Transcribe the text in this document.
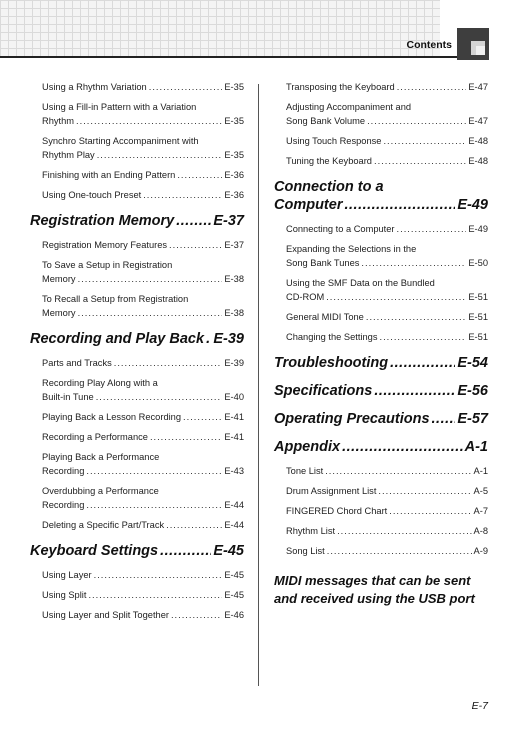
Contents
Using a Rhythm Variation .....	E-35
Using a Fill-in Pattern with a Variation
Rhythm .....	E-35
Synchro Starting Accompaniment with
Rhythm Play .....	E-35
Finishing with an Ending Pattern .....	E-36
Using One-touch Preset .....	E-36
Registration Memory .....	E-37
Registration Memory Features .....	E-37
To Save a Setup in Registration
Memory .....	E-38
To Recall a Setup from Registration
Memory .....	E-38
Recording and Play Back ..... E-39
Parts and Tracks .....	E-39
Recording Play Along with a
Built-in Tune .....	E-40
Playing Back a Lesson Recording .....	E-41
Recording a Performance .....	E-41
Playing Back a Performance
Recording .....	E-43
Overdubbing a Performance
Recording .....	E-44
Deleting a Specific Part/Track .....	E-44
Keyboard Settings .....	E-45
Using Layer .....	E-45
Using Split .....	E-45
Using Layer and Split Together .....	E-46
Transposing the Keyboard .....	E-47
Adjusting Accompaniment and
Song Bank Volume .....	E-47
Using Touch Response .....	E-48
Tuning the Keyboard .....	E-48
Connection to a
Computer .....	E-49
Connecting to a Computer .....	E-49
Expanding the Selections in the
Song Bank Tunes .....	E-50
Using the SMF Data on the Bundled
CD-ROM .....	E-51
General MIDI Tone .....	E-51
Changing the Settings .....	E-51
Troubleshooting .....	E-54
Specifications .....	E-56
Operating Precautions ..... E-57
Appendix .....	A-1
Tone List .....	A-1
Drum Assignment List .....	A-5
FINGERED Chord Chart .....	A-7
Rhythm List .....	A-8
Song List .....	A-9
MIDI messages that can be sent
and received using the USB port
E-7
